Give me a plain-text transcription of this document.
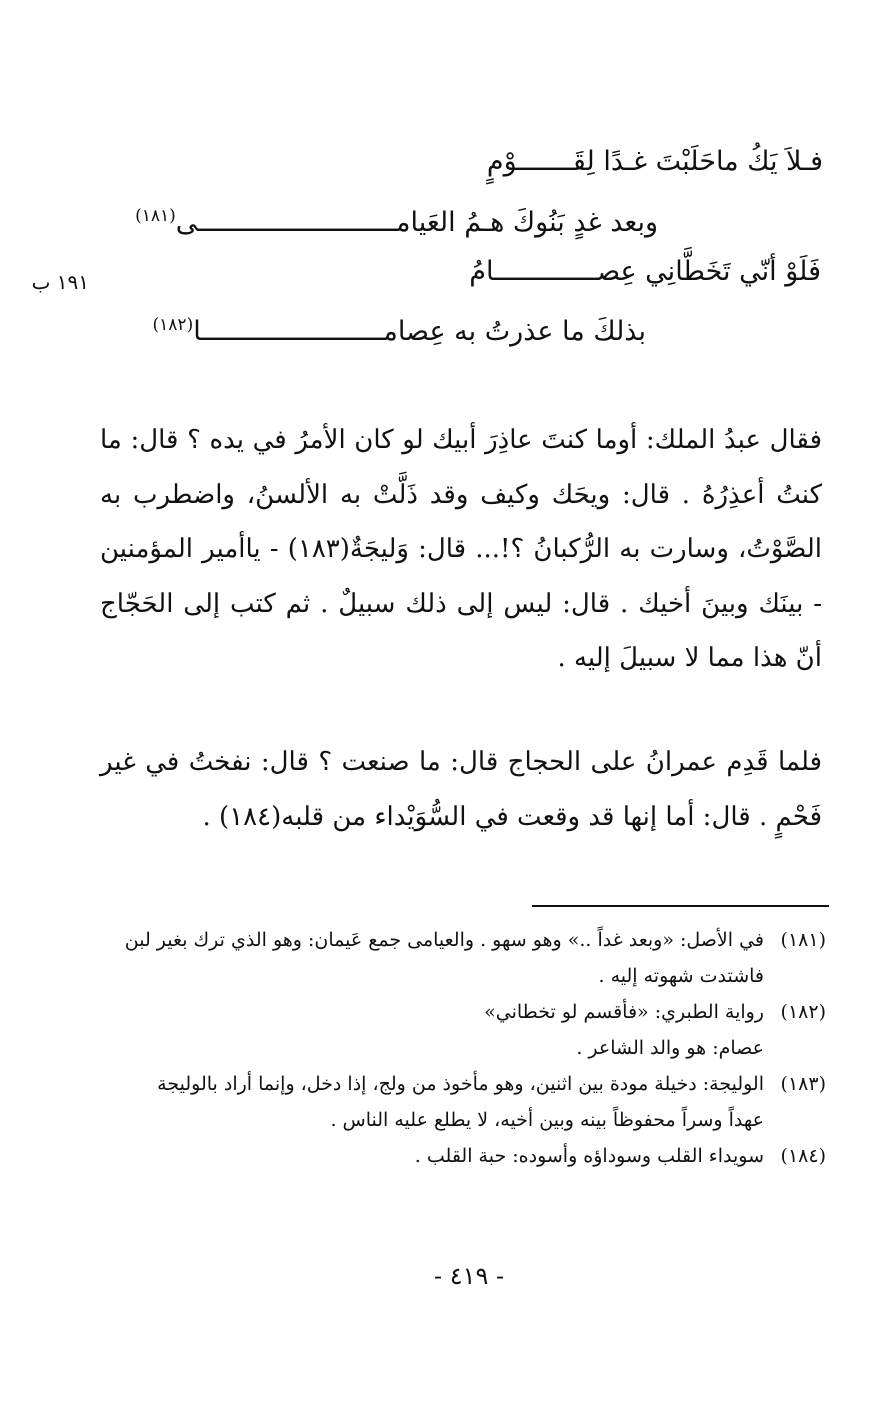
فـلاَ يَكُ ماحَلَبْتَ غـدًا لِقَـــــــوْمٍ
وبعد غدٍ بَنُوكَ هـمُ العَيامـــــــــــــــــــــــــى$^{(١٨١)}$
فَلَوْ أنّي تَخَطَّانِي عِصـــــــــــــامُ
١٩١ ب
بذلكَ ما عذرتُ به عِصامـــــــــــــــــــــــا$^{(١٨٢)}$

فقال عبدُ الملك: أوما كنتَ عاذِرَ أبيك لو كان الأمرُ في يده ؟ قال: ما كنتُ أعذِرُهُ . قال: ويحَك وكيف وقد ذَلَّتْ به الألسنُ، واضطرب به الصَّوْتُ، وسارت به الرُّكبانُ ؟!... قال: وَليجَةٌ(١٨٣) - ياأمير المؤمنين - بينَك وبينَ أخيك . قال: ليس إلى ذلك سبيلٌ . ثم كتب إلى الحَجّاج أنّ هذا مما لا سبيلَ إليه .

فلما قَدِم عمرانُ على الحجاج قال: ما صنعت ؟ قال: نفختُ في غير فَحْمٍ . قال: أما إنها قد وقعت في السُّوَيْداء من قلبه(١٨٤) .

(١٨١)
في الأصل: «وبعد غداً ..» وهو سهو . والعيامى جمع عَيمان: وهو الذي ترك بغير لبن فاشتدت شهوته إليه .
(١٨٢)
رواية الطبري: «فأقسم لو تخطاني»
عصام: هو والد الشاعر .
(١٨٣)
الوليجة: دخيلة مودة بين اثنين، وهو مأخوذ من ولج، إذا دخل، وإنما أراد بالوليجة عهداً وسراً محفوظاً بينه وبين أخيه، لا يطلع عليه الناس .
(١٨٤)
سويداء القلب وسوداؤه وأسوده: حبة القلب .
- ٤١٩ -
